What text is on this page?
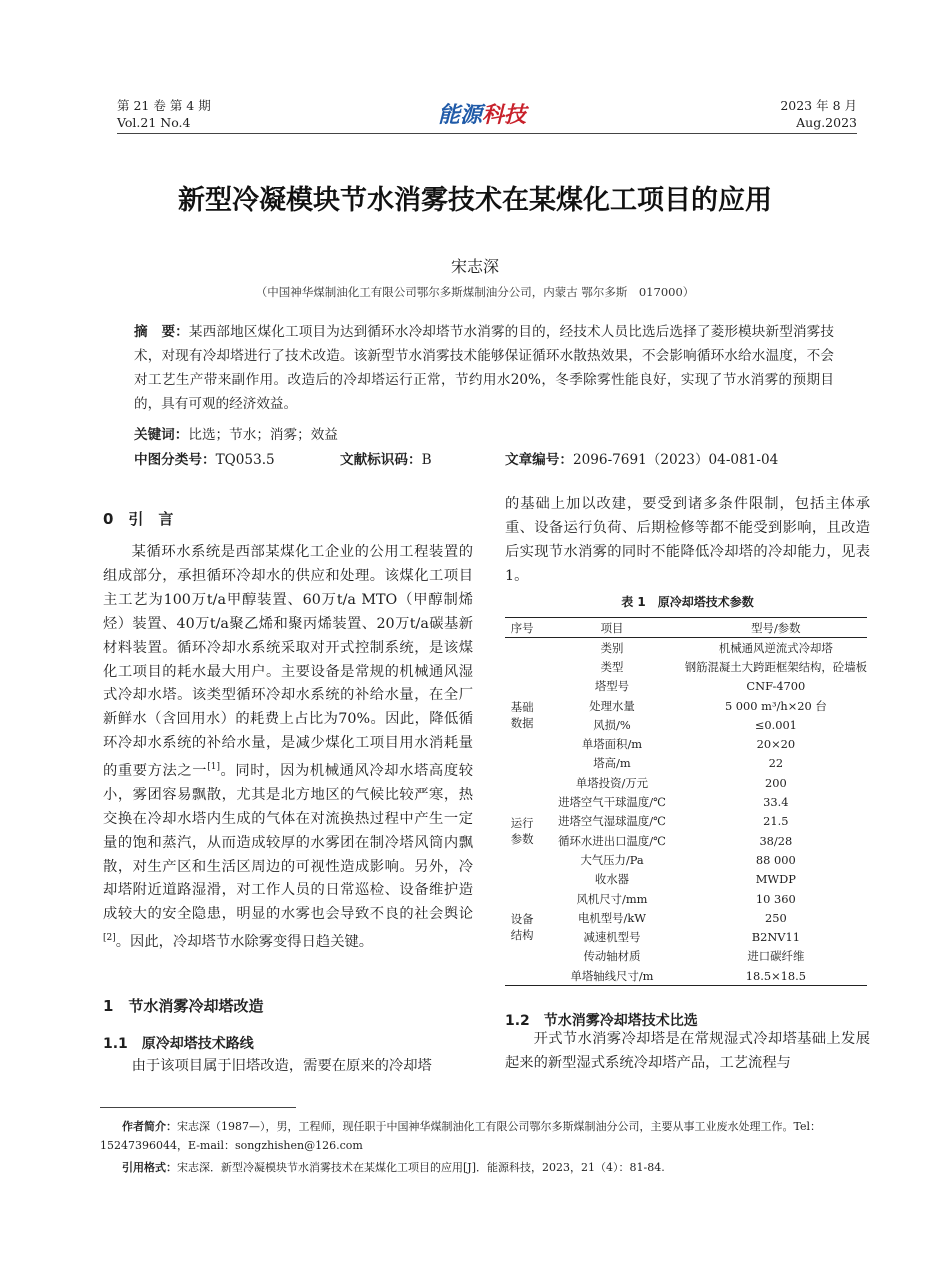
第 21 卷 第 4 期
Vol.21 No.4	能源科技	2023 年 8 月
Aug.2023
新型冷凝模块节水消雾技术在某煤化工项目的应用
宋志深
（中国神华煤制油化工有限公司鄂尔多斯煤制油分公司，内蒙古 鄂尔多斯　017000）
摘　要：某西部地区煤化工项目为达到循环水冷却塔节水消雾的目的，经技术人员比选后选择了菱形模块新型消雾技术，对现有冷却塔进行了技术改造。该新型节水消雾技术能够保证循环水散热效果，不会影响循环水给水温度，不会对工艺生产带来副作用。改造后的冷却塔运行正常，节约用水20%，冬季除雾性能良好，实现了节水消雾的预期目的，具有可观的经济效益。
关键词：比选；节水；消雾；效益
中图分类号：TQ053.5	文献标识码：B	文章编号：2096-7691（2023）04-081-04
0　引　言

某循环水系统是西部某煤化工企业的公用工程装置的组成部分，承担循环冷却水的供应和处理。该煤化工项目主工艺为100万t/a甲醇装置、60万t/a MTO（甲醇制烯烃）装置、40万t/a聚乙烯和聚丙烯装置、20万t/a碳基新材料装置。循环冷却水系统采取对开式控制系统，是该煤化工项目的耗水最大用户。主要设备是常规的机械通风湿式冷却水塔。该类型循环冷却水系统的补给水量，在全厂新鲜水（含回用水）的耗费上占比为70%。因此，降低循环冷却水系统的补给水量，是减少煤化工项目用水消耗量的重要方法之一[1]。同时，因为机械通风冷却水塔高度较小，雾团容易飘散，尤其是北方地区的气候比较严寒，热交换在冷却水塔内生成的气体在对流换热过程中产生一定量的饱和蒸汽，从而造成较厚的水雾团在制冷塔风筒内飘散，对生产区和生活区周边的可视性造成影响。另外，冷却塔附近道路湿滑，对工作人员的日常巡检、设备维护造成较大的安全隐患，明显的水雾也会导致不良的社会舆论[2]。因此，冷却塔节水除雾变得日趋关键。

1　节水消雾冷却塔改造
1.1　原冷却塔技术路线

由于该项目属于旧塔改造，需要在原来的冷却塔

的基础上加以改建，要受到诸多条件限制，包括主体承重、设备运行负荷、后期检修等都不能受到影响，且改造后实现节水消雾的同时不能降低冷却塔的冷却能力，见表1。

表 1　原冷却塔技术参数
序号	项目	型号/参数
基础
数据	类别	机械通风逆流式冷却塔
	类型	钢筋混凝土大跨距框架结构，砼墙板
	塔型号	CNF-4700
	处理水量	5 000 m³/h×20 台
	风损/%	≤0.001
	单塔面积/m	20×20
	塔高/m	22
	单塔投资/万元	200
运行
参数	进塔空气干球温度/℃	33.4
	进塔空气湿球温度/℃	21.5
	循环水进出口温度/℃	38/28
	大气压力/Pa	88 000
设备
结构	收水器	MWDP
	风机尺寸/mm	10 360
	电机型号/kW	250
	减速机型号	B2NV11
	传动轴材质	进口碳纤维
	单塔轴线尺寸/m	18.5×18.5
1.2　节水消雾冷却塔技术比选

开式节水消雾冷却塔是在常规湿式冷却塔基础上发展起来的新型湿式系统冷却塔产品，工艺流程与

作者简介：宋志深（1987—），男，工程师，现任职于中国神华煤制油化工有限公司鄂尔多斯煤制油分公司，主要从事工业废水处理工作。Tel：15247396044，E-mail：songzhishen@126.com
引用格式：宋志深．新型冷凝模块节水消雾技术在某煤化工项目的应用[J]．能源科技，2023，21（4）：81-84.
